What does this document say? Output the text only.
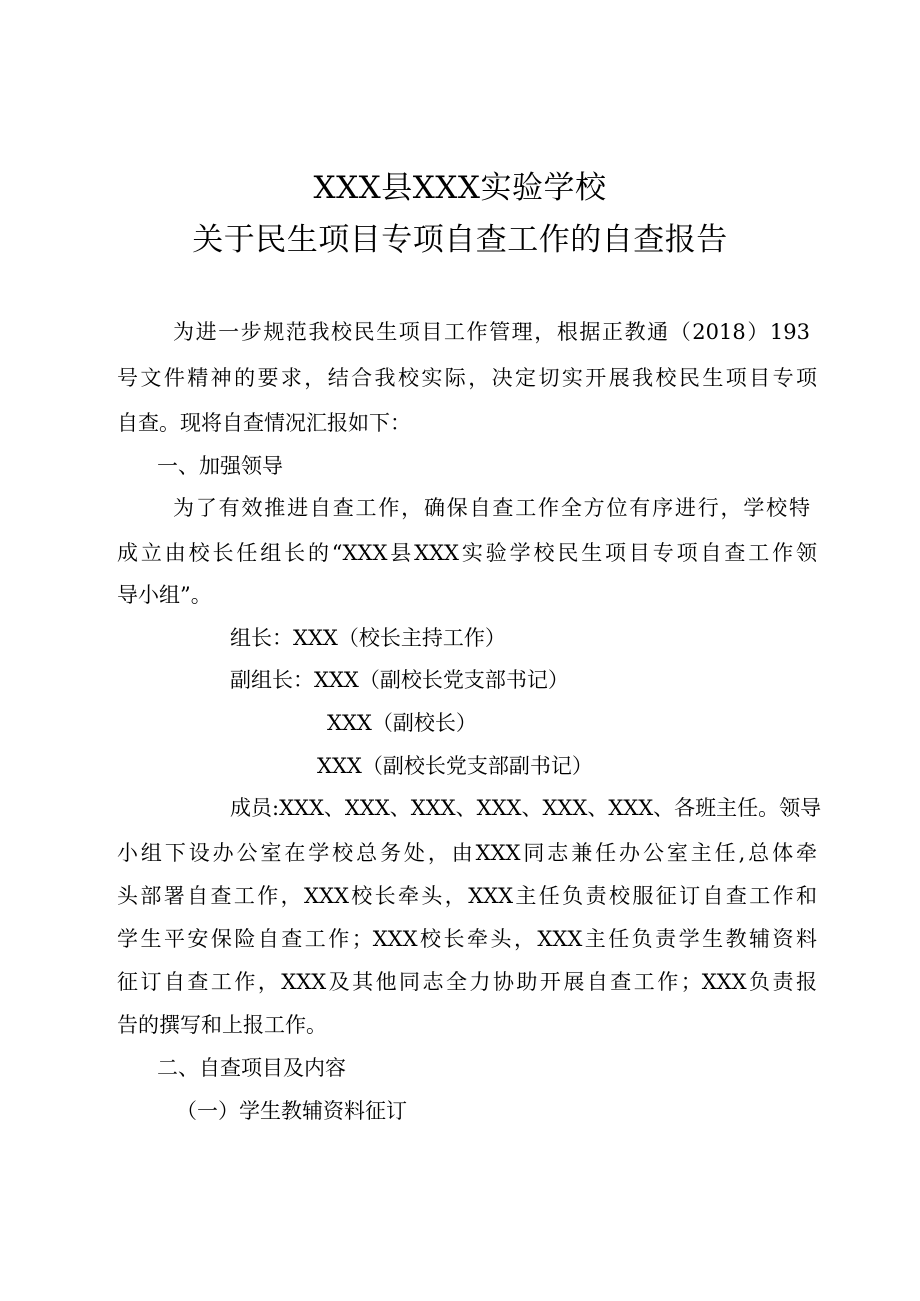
XXX县XXX实验学校
关于民生项目专项自查工作的自查报告
为进一步规范我校民生项目工作管理，根据正教通（2018）193
号文件精神的要求，结合我校实际，决定切实开展我校民生项目专项
自查。现将自查情况汇报如下：
一、加强领导
为了有效推进自查工作，确保自查工作全方位有序进行，学校特
成立由校长任组长的“XXX县XXX实验学校民生项目专项自查工作领
导小组”。
组长：XXX（校长主持工作）
副组长：XXX（副校长党支部书记）
XXX（副校长）
XXX（副校长党支部副书记）
成员:XXX、XXX、XXX、XXX、XXX、XXX、各班主任。领导
小组下设办公室在学校总务处，由XXX同志兼任办公室主任,总体牵
头部署自查工作，XXX校长牵头，XXX主任负责校服征订自查工作和
学生平安保险自查工作；XXX校长牵头，XXX主任负责学生教辅资料
征订自查工作，XXX及其他同志全力协助开展自查工作；XXX负责报
告的撰写和上报工作。
二、自查项目及内容
（一）学生教辅资料征订
